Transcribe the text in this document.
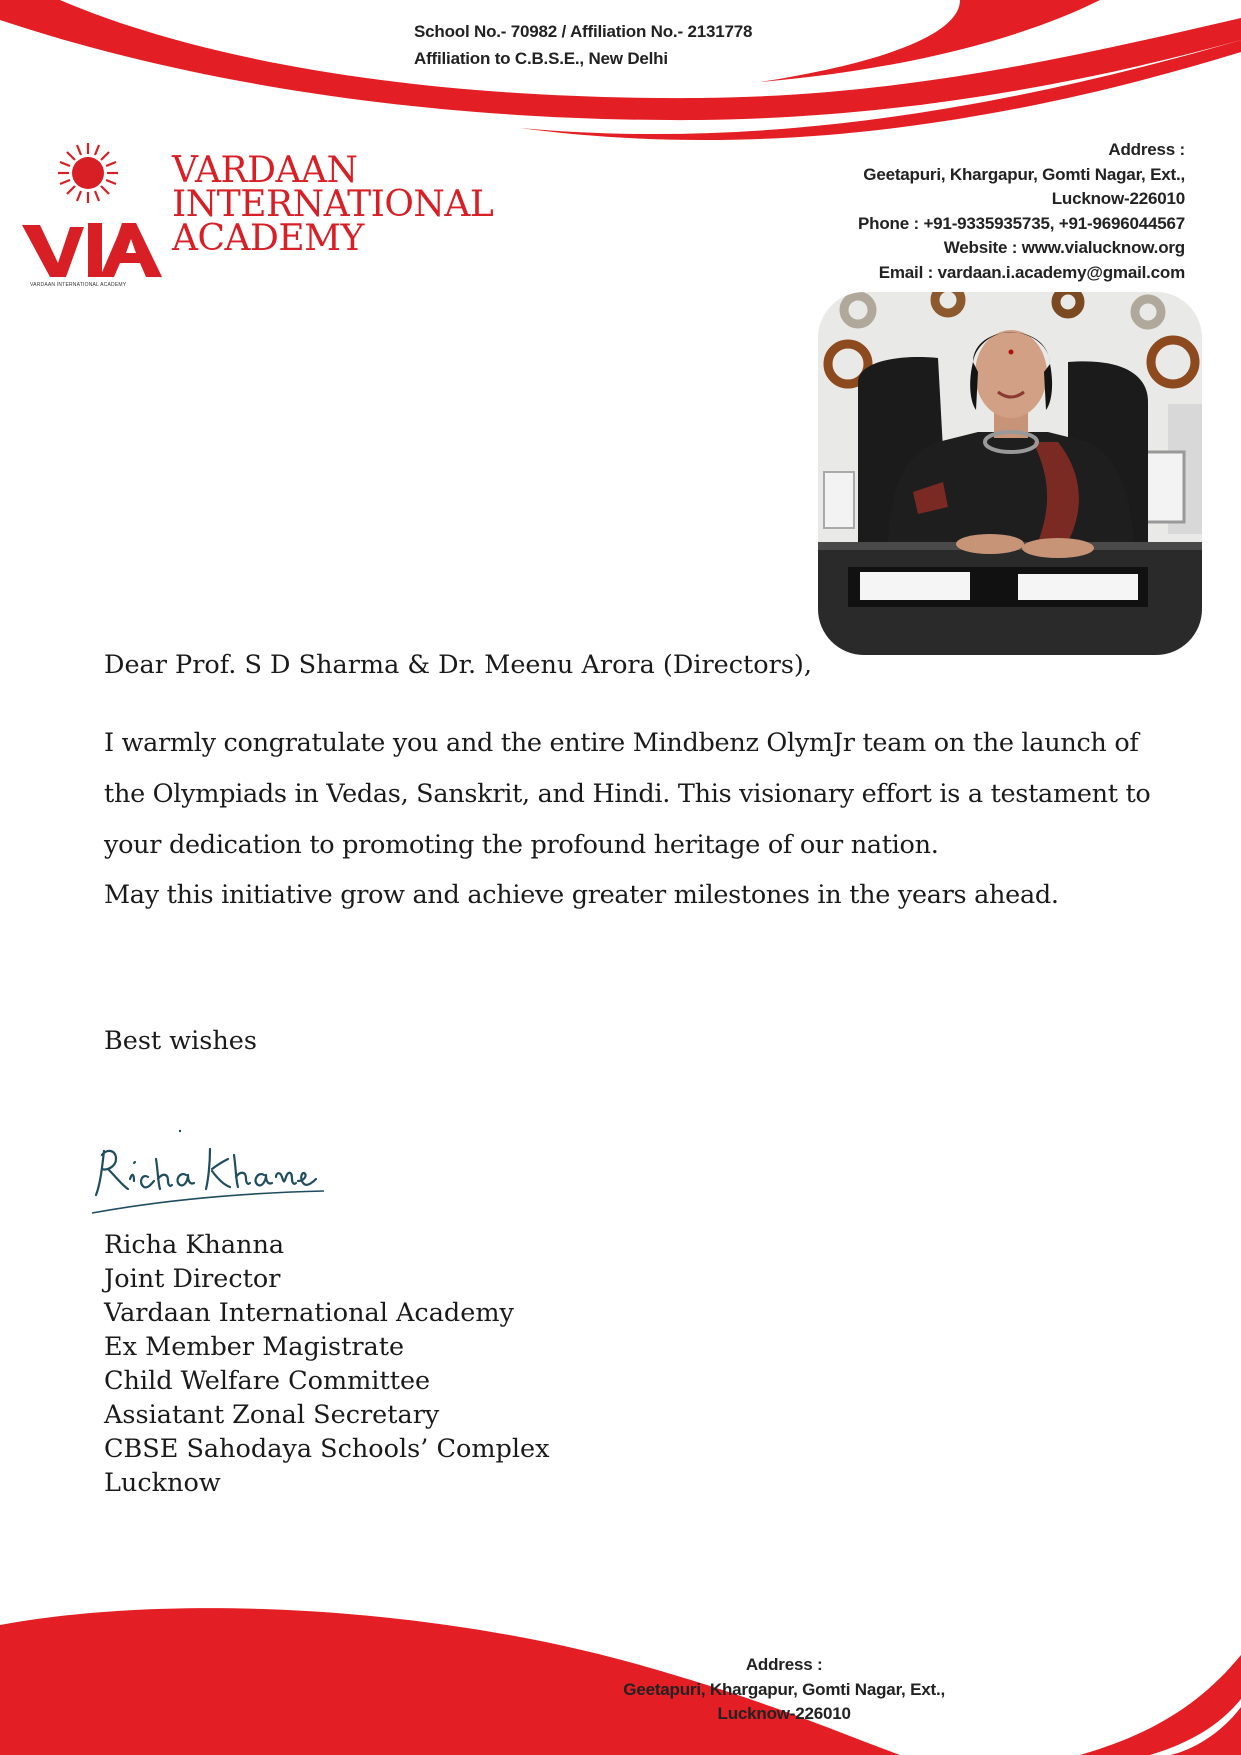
School No.- 70982 / Affiliation No.- 2131778
Affiliation to C.B.S.E., New Delhi
VARDAAN
INTERNATIONAL
ACADEMY
VARDAAN INTERNATIONAL ACADEMY
Address :
Geetapuri, Khargapur, Gomti Nagar, Ext.,
Lucknow-226010
Phone : +91-9335935735, +91-9696044567
Website : www.vialucknow.org
Email : vardaan.i.academy@gmail.com
Dear Prof. S D Sharma & Dr. Meenu Arora (Directors),
I warmly congratulate you and the entire Mindbenz OlymJr team on the launch of the Olympiads in Vedas, Sanskrit, and Hindi. This visionary effort is a testament to your dedication to promoting the profound heritage of our nation.
May this initiative grow and achieve greater milestones in the years ahead.
Best wishes
Richa Khanna
Joint Director
Vardaan International Academy
Ex Member Magistrate
Child Welfare Committee
Assiatant Zonal Secretary
CBSE Sahodaya Schools’ Complex
Lucknow
Address :
Geetapuri, Khargapur, Gomti Nagar, Ext.,
Lucknow-226010
